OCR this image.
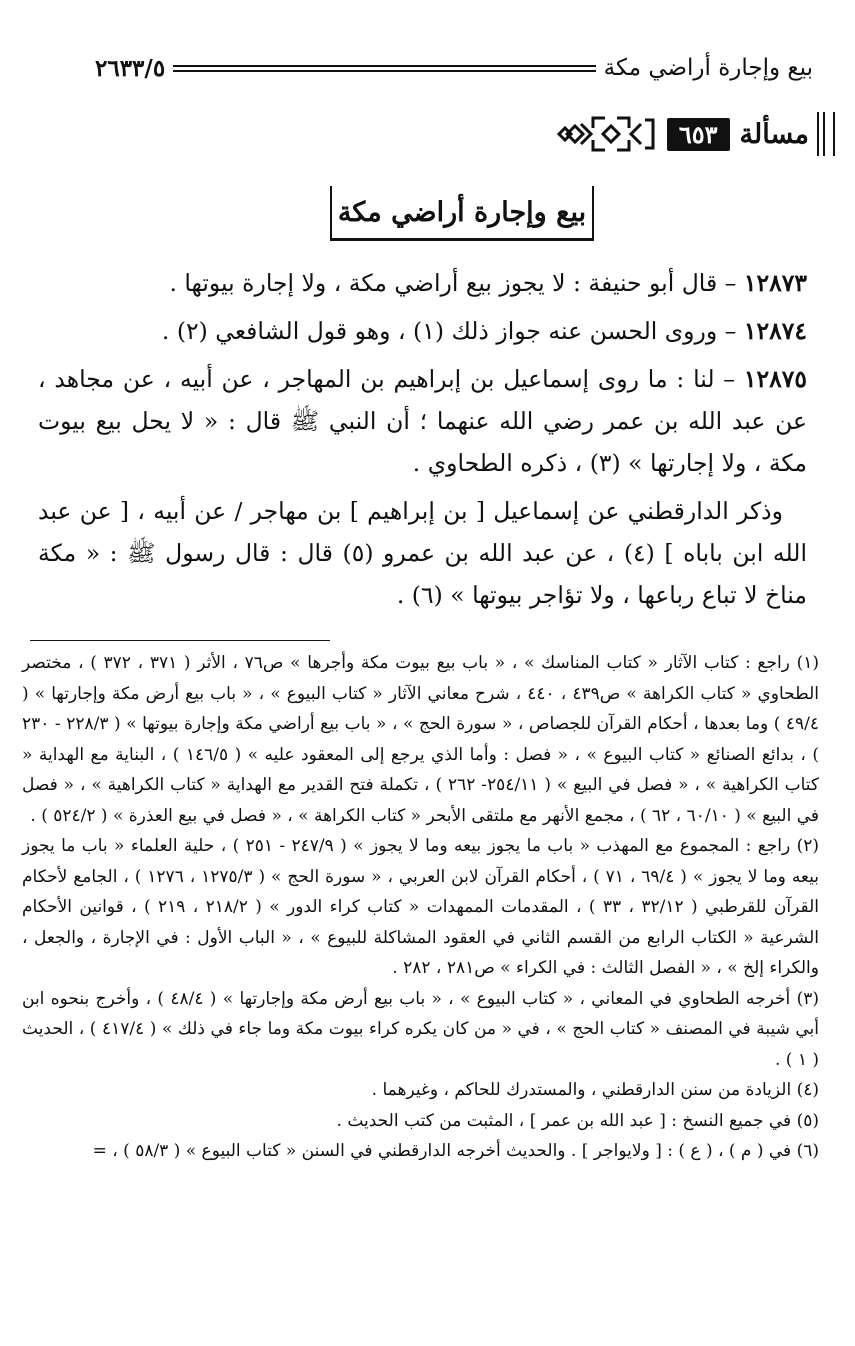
بيع وإجارة أراضي مكة
٢٦٣٣/٥
مسألة
٦٥٣
بيع وإجارة أراضي مكة

١٢٨٧٣ – قال أبو حنيفة : لا يجوز بيع أراضي مكة ، ولا إجارة بيوتها .

١٢٨٧٤ – وروى الحسن عنه جواز ذلك (١) ، وهو قول الشافعي (٢) .

١٢٨٧٥ – لنا : ما روى إسماعيل بن إبراهيم بن المهاجر ، عن أبيه ، عن مجاهد ، عن عبد الله بن عمر رضي الله عنهما ؛ أن النبي ﷺ قال : « لا يحل بيع بيوت مكة ، ولا إجارتها » (٣) ، ذكره الطحاوي .

وذكر الدارقطني عن إسماعيل [ بن إبراهيم ] بن مهاجر / عن أبيه ، [ عن عبد الله ابن باباه ] (٤) ، عن عبد الله بن عمرو (٥) قال : قال رسول ﷺ : « مكة مناخ لا تباع رباعها ، ولا تؤاجر بيوتها » (٦) .

(١) راجع : كتاب الآثار « كتاب المناسك » ، « باب بيع بيوت مكة وأجرها » ص٧٦ ، الأثر ( ٣٧١ ، ٣٧٢ ) ، مختصر الطحاوي « كتاب الكراهة » ص٤٣٩ ، ٤٤٠ ، شرح معاني الآثار « كتاب البيوع » ، « باب بيع أرض مكة وإجارتها » ( ٤٩/٤ ) وما بعدها ، أحكام القرآن للجصاص ، « سورة الحج » ، « باب بيع أراضي مكة وإجارة بيوتها » ( ٢٢٨/٣ - ٢٣٠ ) ، بدائع الصنائع « كتاب البيوع » ، « فصل : وأما الذي يرجع إلى المعقود عليه » ( ١٤٦/٥ ) ، البناية مع الهداية « كتاب الكراهية » ، « فصل في البيع » ( ٢٥٤/١١- ٢٦٢ ) ، تكملة فتح القدير مع الهداية « كتاب الكراهية » ، « فصل في البيع » ( ٦٠/١٠ ، ٦٢ ) ، مجمع الأنهر مع ملتقى الأبحر « كتاب الكراهة » ، « فصل في بيع العذرة » ( ٥٢٤/٢ ) .

(٢) راجع : المجموع مع المهذب « باب ما يجوز بيعه وما لا يجوز » ( ٢٤٧/٩ - ٢٥١ ) ، حلية العلماء « باب ما يجوز بيعه وما لا يجوز » ( ٦٩/٤ ، ٧١ ) ، أحكام القرآن لابن العربي ، « سورة الحج » ( ١٢٧٥/٣ ، ١٢٧٦ ) ، الجامع لأحكام القرآن للقرطبي ( ٣٢/١٢ ، ٣٣ ) ، المقدمات الممهدات « كتاب كراء الدور » ( ٢١٨/٢ ، ٢١٩ ) ، قوانين الأحكام الشرعية « الكتاب الرابع من القسم الثاني في العقود المشاكلة للبيوع » ، « الباب الأول : في الإجارة ، والجعل ، والكراء إلخ » ، « الفصل الثالث : في الكراء » ص٢٨١ ، ٢٨٢ .

(٣) أخرجه الطحاوي في المعاني ، « كتاب البيوع » ، « باب بيع أرض مكة وإجارتها » ( ٤٨/٤ ) ، وأخرج بنحوه ابن أبي شيبة في المصنف « كتاب الحج » ، في « من كان يكره كراء بيوت مكة وما جاء في ذلك » ( ٤١٧/٤ ) ، الحديث ( ١ ) .

(٤) الزيادة من سنن الدارقطني ، والمستدرك للحاكم ، وغيرهما .

(٥) في جميع النسخ : [ عبد الله بن عمر ] ، المثبت من كتب الحديث .

(٦) في ( م ) ، ( ع ) : [ ولايواجر ] . والحديث أخرجه الدارقطني في السنن « كتاب البيوع » ( ٥٨/٣ ) ، =
